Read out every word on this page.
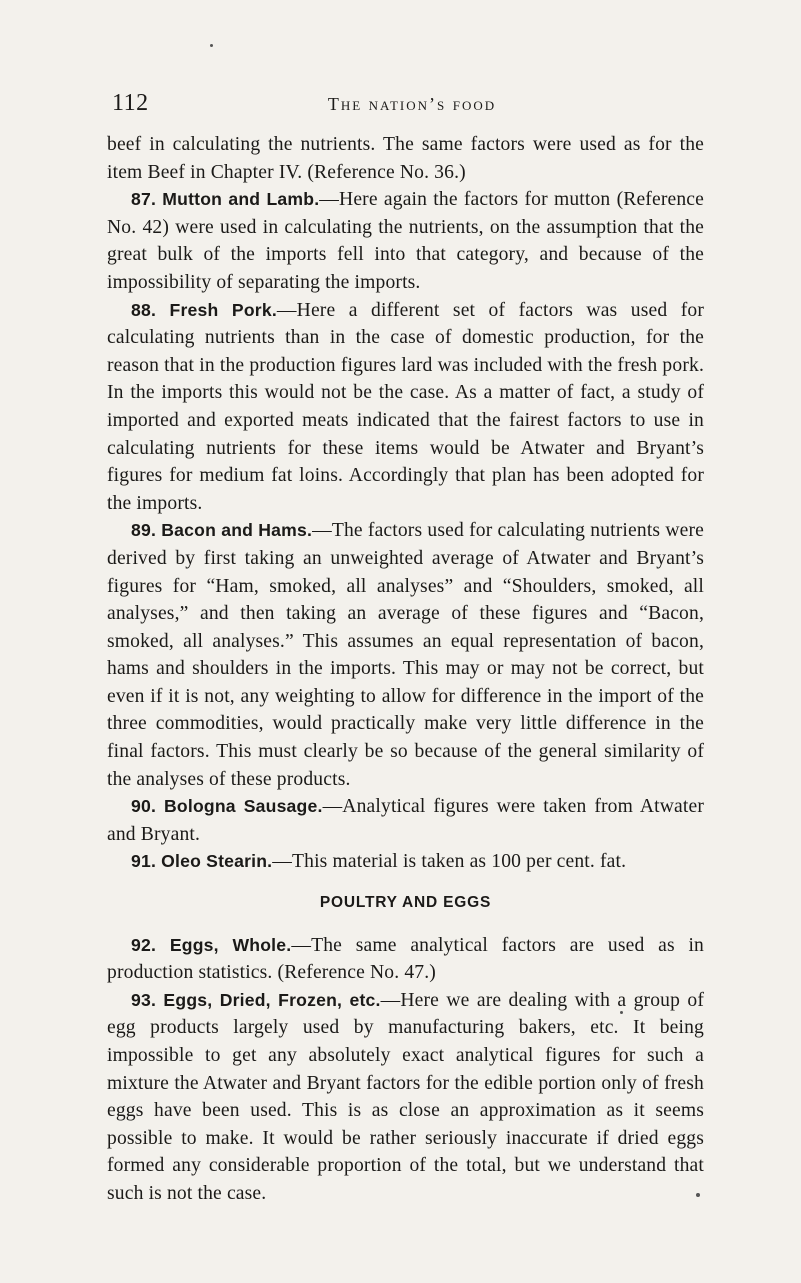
112	the nation’s food

beef in calculating the nutrients. The same factors were used as for the item Beef in Chapter IV. (Reference No. 36.)

87. Mutton and Lamb.—Here again the factors for mutton (Reference No. 42) were used in calculating the nutrients, on the assumption that the great bulk of the imports fell into that category, and because of the impossibility of separating the imports.

88. Fresh Pork.—Here a different set of factors was used for calculating nutrients than in the case of domestic production, for the reason that in the production figures lard was included with the fresh pork. In the imports this would not be the case. As a matter of fact, a study of imported and exported meats indicated that the fairest factors to use in calculating nutrients for these items would be Atwater and Bryant’s figures for medium fat loins. Accordingly that plan has been adopted for the imports.

89. Bacon and Hams.—The factors used for calculating nutrients were derived by first taking an unweighted average of Atwater and Bryant’s figures for “Ham, smoked, all analyses” and “Shoulders, smoked, all analyses,” and then taking an average of these figures and “Bacon, smoked, all analyses.” This assumes an equal representation of bacon, hams and shoulders in the imports. This may or may not be correct, but even if it is not, any weighting to allow for difference in the import of the three commodities, would practically make very little difference in the final factors. This must clearly be so because of the general similarity of the analyses of these products.

90. Bologna Sausage.—Analytical figures were taken from Atwater and Bryant.

91. Oleo Stearin.—This material is taken as 100 per cent. fat.

POULTRY AND EGGS

92. Eggs, Whole.—The same analytical factors are used as in production statistics. (Reference No. 47.)

93. Eggs, Dried, Frozen, etc.—Here we are dealing with a group of egg products largely used by manufacturing bakers, etc. It being impossible to get any absolutely exact analytical figures for such a mixture the Atwater and Bryant factors for the edible portion only of fresh eggs have been used. This is as close an approximation as it seems possible to make. It would be rather seriously inaccurate if dried eggs formed any considerable proportion of the total, but we understand that such is not the case.
